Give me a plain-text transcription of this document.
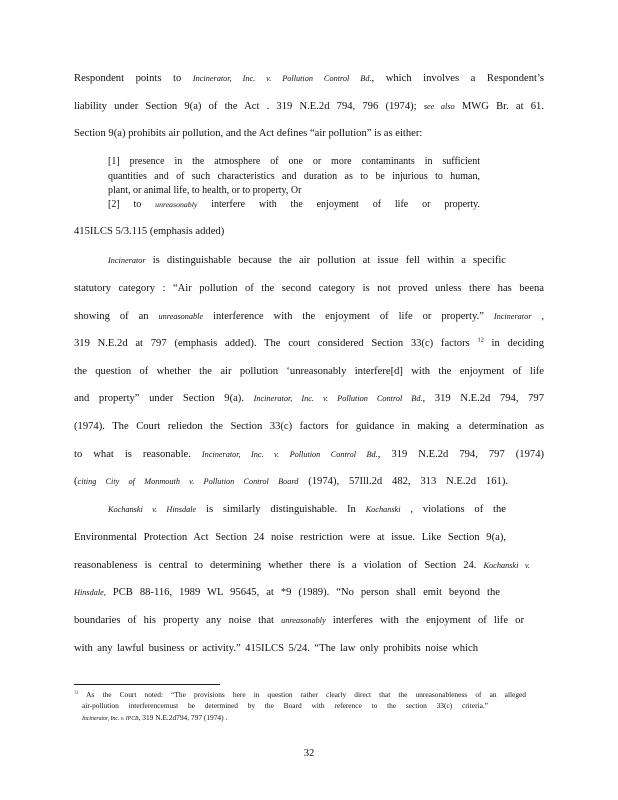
Respondent points to Incinerator, Inc. v. Pollution Control Bd., which involves a Respondent’s
liability under Section 9(a) of the Act . 319 N.E.2d 794, 796 (1974); see also MWG Br. at 61.
Section 9(a) prohibits air pollution, and the Act defines “air pollution” is as either:
[1] presence in the atmosphere of one or more contaminants in sufficient
quantities and of such characteristics and duration as to be injurious to human,
plant, or animal life, to health, or to property, Or
[2] to unreasonably interfere with the enjoyment of life or property.
415ILCS 5/3.115 (emphasis added)
Incinerator is distinguishable because the air pollution at issue fell within a specific
statutory category : “Air pollution of the second category is not proved unless there has beena
showing of an unreasonable interference with the enjoyment of life or property.” Incinerator ,
319 N.E.2d at 797 (emphasis added). The court considered Section 33(c) factors $^{12}$ in deciding
the question of whether the air pollution ‘unreasonably interfere[d] with the enjoyment of life
and property” under Section 9(a). Incinerator, Inc. v. Pollution Control Bd., 319 N.E.2d 794, 797
(1974). The Court reliedon the Section 33(c) factors for guidance in making a determination as
to what is reasonable. Incinerator, Inc. v. Pollution Control Bd., 319 N.E.2d 794, 797 (1974)
(citing City of Monmouth v. Pollution Control Board (1974), 57Ill.2d 482, 313 N.E.2d 161).
Kochanski v. Hinsdale is similarly distinguishable. In Kochanski , violations of the
Environmental Protection Act Section 24 noise restriction were at issue. Like Section 9(a),
reasonableness is central to determining whether there is a violation of Section 24. Kochanski v.
Hinsdale, PCB 88-116, 1989 WL 95645, at *9 (1989). “No person shall emit beyond the
boundaries of his property any noise that unreasonably interferes with the enjoyment of life or
with any lawful business or activity.” 415ILCS 5/24. “The law only prohibits noise which
$^{12}$ As the Court noted: “The provisions here in question rather clearly direct that the unreasonableness of an alleged
air-pollution interferencemust be determined by the Board with reference to the section 33(c) criteria.”
Incinerator, Inc. v. IPCB, 319 N.E.2d794, 797 (1974) .
32
